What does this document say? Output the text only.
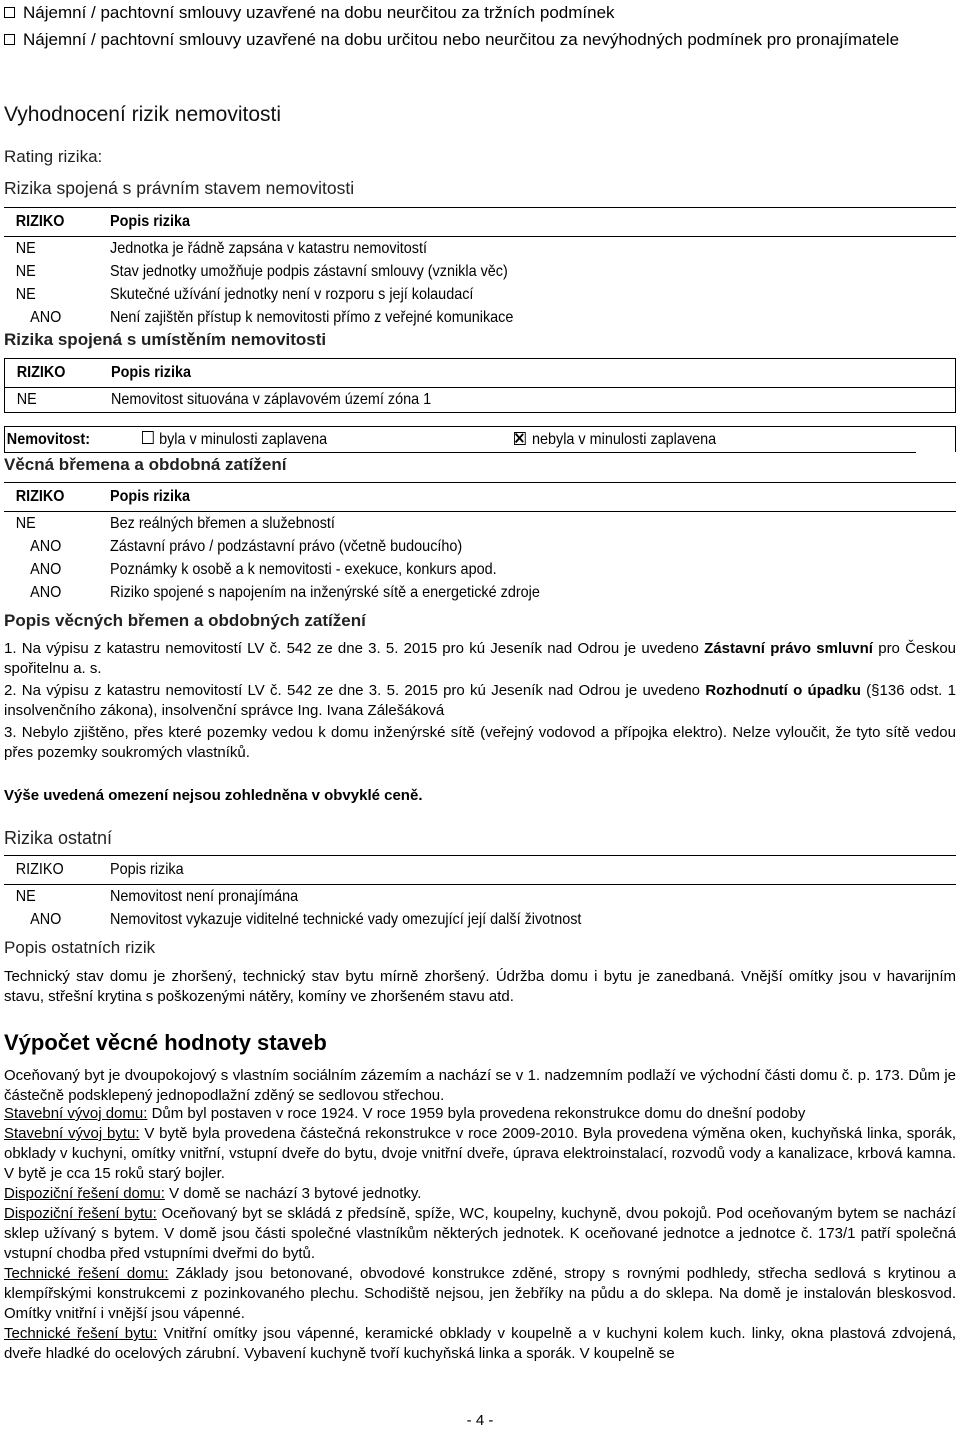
Nájemní / pachtovní smlouvy uzavřené na dobu neurčitou za tržních podmínek
Nájemní / pachtovní smlouvy uzavřené na dobu určitou nebo neurčitou za nevýhodných podmínek pro pronajímatele
Vyhodnocení rizik nemovitosti
Rating rizika:
Rizika spojená s právním stavem nemovitosti
RIZIKO	Popis rizika
NE	Jednotka je řádně zapsána v katastru nemovitostí
NE	Stav jednotky umožňuje podpis zástavní smlouvy (vznikla věc)
NE	Skutečné užívání jednotky není v rozporu s její kolaudací
ANO	Není zajištěn přístup k nemovitosti přímo z veřejné komunikace
Rizika spojená s umístěním nemovitosti
RIZIKO	Popis rizika
NE	Nemovitost situována v záplavovém území zóna 1
Nemovitost:	byla v minulosti zaplavena	nebyla v minulosti zaplavena
Věcná břemena a obdobná zatížení
RIZIKO	Popis rizika
NE	Bez reálných břemen a služebností
ANO	Zástavní právo / podzástavní právo (včetně budoucího)
ANO	Poznámky k osobě a k nemovitosti - exekuce, konkurs apod.
ANO	Riziko spojené s napojením na inženýrské sítě a energetické zdroje
Popis věcných břemen a obdobných zatížení
1. Na výpisu z katastru nemovitostí LV č. 542 ze dne 3. 5. 2015 pro kú Jeseník nad Odrou je uvedeno Zástavní právo smluvní pro Českou spořitelnu a. s.
2. Na výpisu z katastru nemovitostí LV č. 542 ze dne 3. 5. 2015 pro kú Jeseník nad Odrou je uvedeno Rozhodnutí o úpadku (§136 odst. 1 insolvenčního zákona), insolvenční správce Ing. Ivana Zálešáková
3. Nebylo zjištěno, přes které pozemky vedou k domu inženýrské sítě (veřejný vodovod a přípojka elektro). Nelze vyloučit, že tyto sítě vedou přes pozemky soukromých vlastníků.
Výše uvedená omezení nejsou zohledněna v obvyklé ceně.
Rizika ostatní
RIZIKO	Popis rizika
NE	Nemovitost není pronajímána
ANO	Nemovitost vykazuje viditelné technické vady omezující její další životnost
Popis ostatních rizik
Technický stav domu je zhoršený, technický stav bytu mírně zhoršený. Údržba domu i bytu je zanedbaná. Vnější omítky jsou v havarijním stavu, střešní krytina s poškozenými nátěry, komíny ve zhoršeném stavu atd.
Výpočet věcné hodnoty staveb
Oceňovaný byt je dvoupokojový s vlastním sociálním zázemím a nachází se v 1. nadzemním podlaží ve východní části domu č. p. 173. Dům je částečně podsklepený jednopodlažní zděný se sedlovou střechou.
Stavební vývoj domu: Dům byl postaven v roce 1924. V roce 1959 byla provedena rekonstrukce domu do dnešní podoby
Stavební vývoj bytu: V bytě byla provedena částečná rekonstrukce v roce 2009-2010. Byla provedena výměna oken, kuchyňská linka, sporák, obklady v kuchyni, omítky vnitřní, vstupní dveře do bytu, dvoje vnitřní dveře, úprava elektroinstalací, rozvodů vody a kanalizace, krbová kamna. V bytě je cca 15 roků starý bojler.
Dispoziční řešení domu: V domě se nachází 3 bytové jednotky.
Dispoziční řešení bytu: Oceňovaný byt se skládá z předsíně, spíže, WC, koupelny, kuchyně, dvou pokojů. Pod oceňovaným bytem se nachází sklep užívaný s bytem. V domě jsou části společné vlastníkům některých jednotek. K oceňované jednotce a jednotce č. 173/1 patří společná vstupní chodba před vstupními dveřmi do bytů.
Technické řešení domu: Základy jsou betonované, obvodové konstrukce zděné, stropy s rovnými podhledy, střecha sedlová s krytinou a klempířskými konstrukcemi z pozinkovaného plechu. Schodiště nejsou, jen žebříky na půdu a do sklepa. Na domě je instalován bleskosvod. Omítky vnitřní i vnější jsou vápenné.
Technické řešení bytu: Vnitřní omítky jsou vápenné, keramické obklady v koupelně a v kuchyni kolem kuch. linky, okna plastová zdvojená, dveře hladké do ocelových zárubní. Vybavení kuchyně tvoří kuchyňská linka a sporák. V koupelně se
- 4 -
